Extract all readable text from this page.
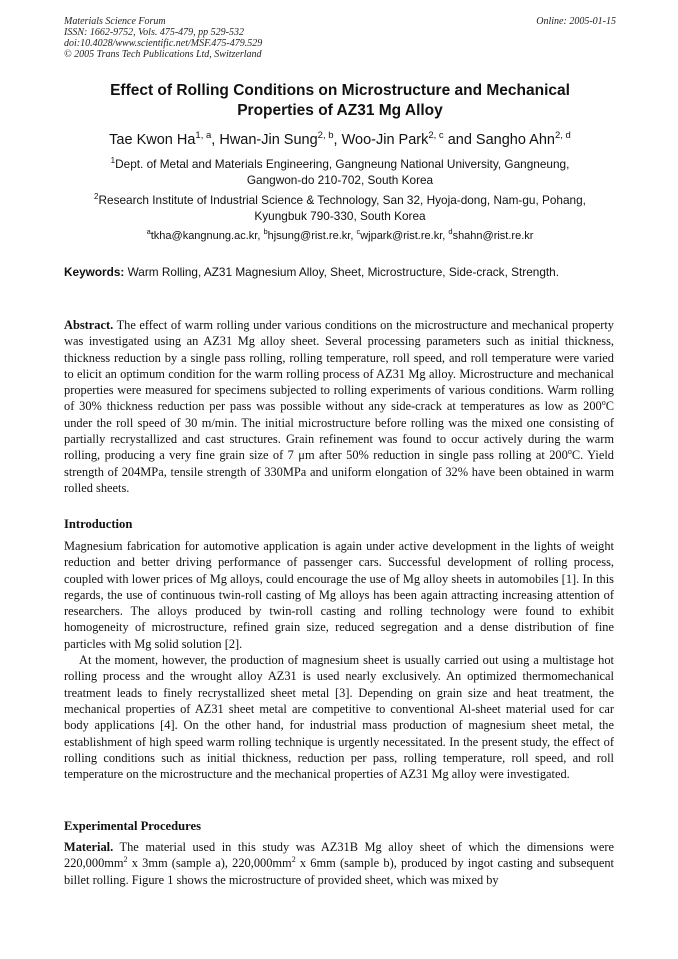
Materials Science Forum
ISSN: 1662-9752, Vols. 475-479, pp 529-532
doi:10.4028/www.scientific.net/MSF.475-479.529
© 2005 Trans Tech Publications Ltd, Switzerland
Online: 2005-01-15
Effect of Rolling Conditions on Microstructure and Mechanical
Properties of AZ31 Mg Alloy
Tae Kwon Ha$^{1, a}$, Hwan-Jin Sung$^{2, b}$, Woo-Jin Park$^{2, c}$ and Sangho Ahn$^{2, d}$
$^1$Dept. of Metal and Materials Engineering, Gangneung National University, Gangneung,
Gangwon-do 210-702, South Korea
$^2$Research Institute of Industrial Science & Technology, San 32, Hyoja-dong, Nam-gu, Pohang,
Kyungbuk 790-330, South Korea
$^a$tkha@kangnung.ac.kr, $^b$hjsung@rist.re.kr, $^c$wjpark@rist.re.kr, $^d$shahn@rist.re.kr
Keywords: Warm Rolling, AZ31 Magnesium Alloy, Sheet, Microstructure, Side-crack, Strength.

Abstract. The effect of warm rolling under various conditions on the microstructure and mechanical property was investigated using an AZ31 Mg alloy sheet. Several processing parameters such as initial thickness, thickness reduction by a single pass rolling, rolling temperature, roll speed, and roll temperature were varied to elicit an optimum condition for the warm rolling process of AZ31 Mg alloy. Microstructure and mechanical properties were measured for specimens subjected to rolling experiments of various conditions. Warm rolling of 30% thickness reduction per pass was possible without any side-crack at temperatures as low as 200$^o$C under the roll speed of 30 m/min. The initial microstructure before rolling was the mixed one consisting of partially recrystallized and cast structures. Grain refinement was found to occur actively during the warm rolling, producing a very fine grain size of 7 μm after 50% reduction in single pass rolling at 200$^o$C. Yield strength of 204MPa, tensile strength of 330MPa and uniform elongation of 32% have been obtained in warm rolled sheets.

Introduction

Magnesium fabrication for automotive application is again under active development in the lights of weight reduction and better driving performance of passenger cars. Successful development of rolling process, coupled with lower prices of Mg alloys, could encourage the use of Mg alloy sheets in automobiles [1]. In this regards, the use of continuous twin-roll casting of Mg alloys has been again attracting increasing attention of researchers. The alloys produced by twin-roll casting and rolling technology were found to exhibit homogeneity of microstructure, refined grain size, reduced segregation and a dense distribution of fine particles with Mg solid solution [2].

At the moment, however, the production of magnesium sheet is usually carried out using a multistage hot rolling process and the wrought alloy AZ31 is used nearly exclusively. An optimized thermomechanical treatment leads to finely recrystallized sheet metal [3]. Depending on grain size and heat treatment, the mechanical properties of AZ31 sheet metal are competitive to conventional Al-sheet material used for car body applications [4]. On the other hand, for industrial mass production of magnesium sheet metal, the establishment of high speed warm rolling technique is urgently necessitated. In the present study, the effect of rolling conditions such as initial thickness, reduction per pass, rolling temperature, roll speed, and roll temperature on the microstructure and the mechanical properties of AZ31 Mg alloy were investigated.

Experimental Procedures

Material. The material used in this study was AZ31B Mg alloy sheet of which the dimensions were $220,000mm^2$ x 3mm (sample a), $220,000mm^2$ x 6mm (sample b), produced by ingot casting and subsequent billet rolling. Figure 1 shows the microstructure of provided sheet, which was mixed by
